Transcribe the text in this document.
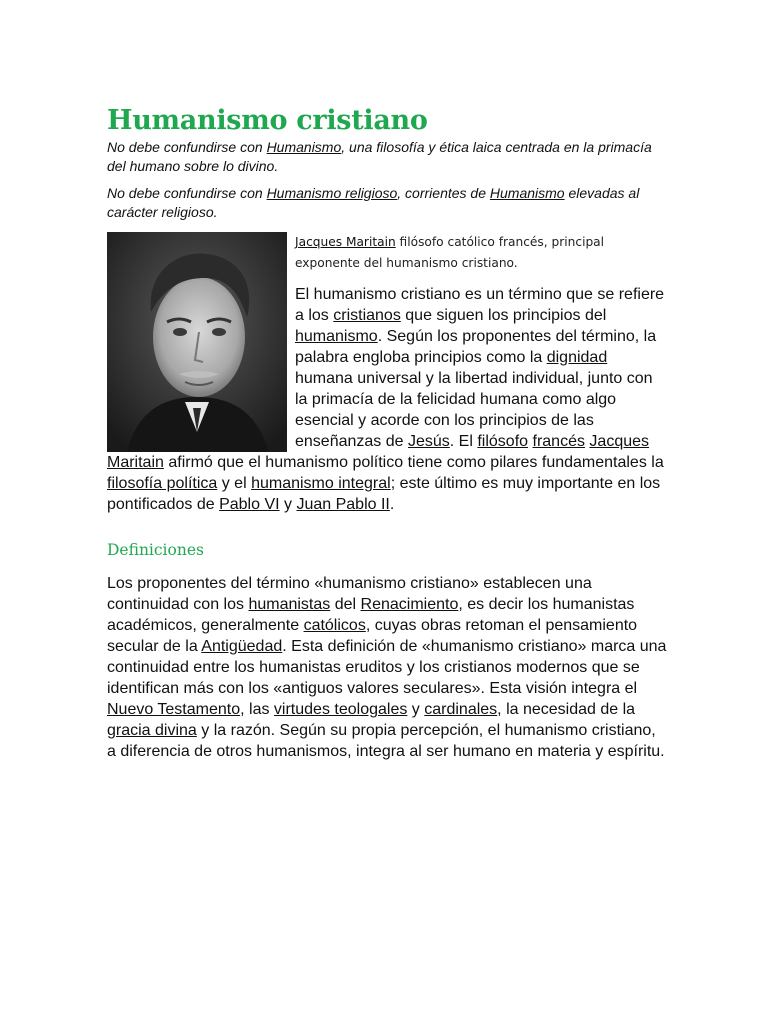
Humanismo cristiano

No debe confundirse con Humanismo, una filosofía y ética laica centrada en la primacía del humano sobre lo divino.

No debe confundirse con Humanismo religioso, corrientes de Humanismo elevadas al carácter religioso.

Jacques Maritain filósofo católico francés, principal exponente del humanismo cristiano.

El humanismo cristiano es un término que se refiere a los cristianos que siguen los principios del humanismo. Según los proponentes del término, la palabra engloba principios como la dignidad humana universal y la libertad individual, junto con la primacía de la felicidad humana como algo esencial y acorde con los principios de las enseñanzas de Jesús. El filósofo francés Jacques Maritain afirmó que el humanismo político tiene como pilares fundamentales la filosofía política y el humanismo integral; este último es muy importante en los pontificados de Pablo VI y Juan Pablo II.

Definiciones

Los proponentes del término «humanismo cristiano» establecen una continuidad con los humanistas del Renacimiento, es decir los humanistas académicos, generalmente católicos, cuyas obras retoman el pensamiento secular de la Antigüedad. Esta definición de «humanismo cristiano» marca una continuidad entre los humanistas eruditos y los cristianos modernos que se identifican más con los «antiguos valores seculares». Esta visión integra el Nuevo Testamento, las virtudes teologales y cardinales, la necesidad de la gracia divina y la razón. Según su propia percepción, el humanismo cristiano, a diferencia de otros humanismos, integra al ser humano en materia y espíritu.
